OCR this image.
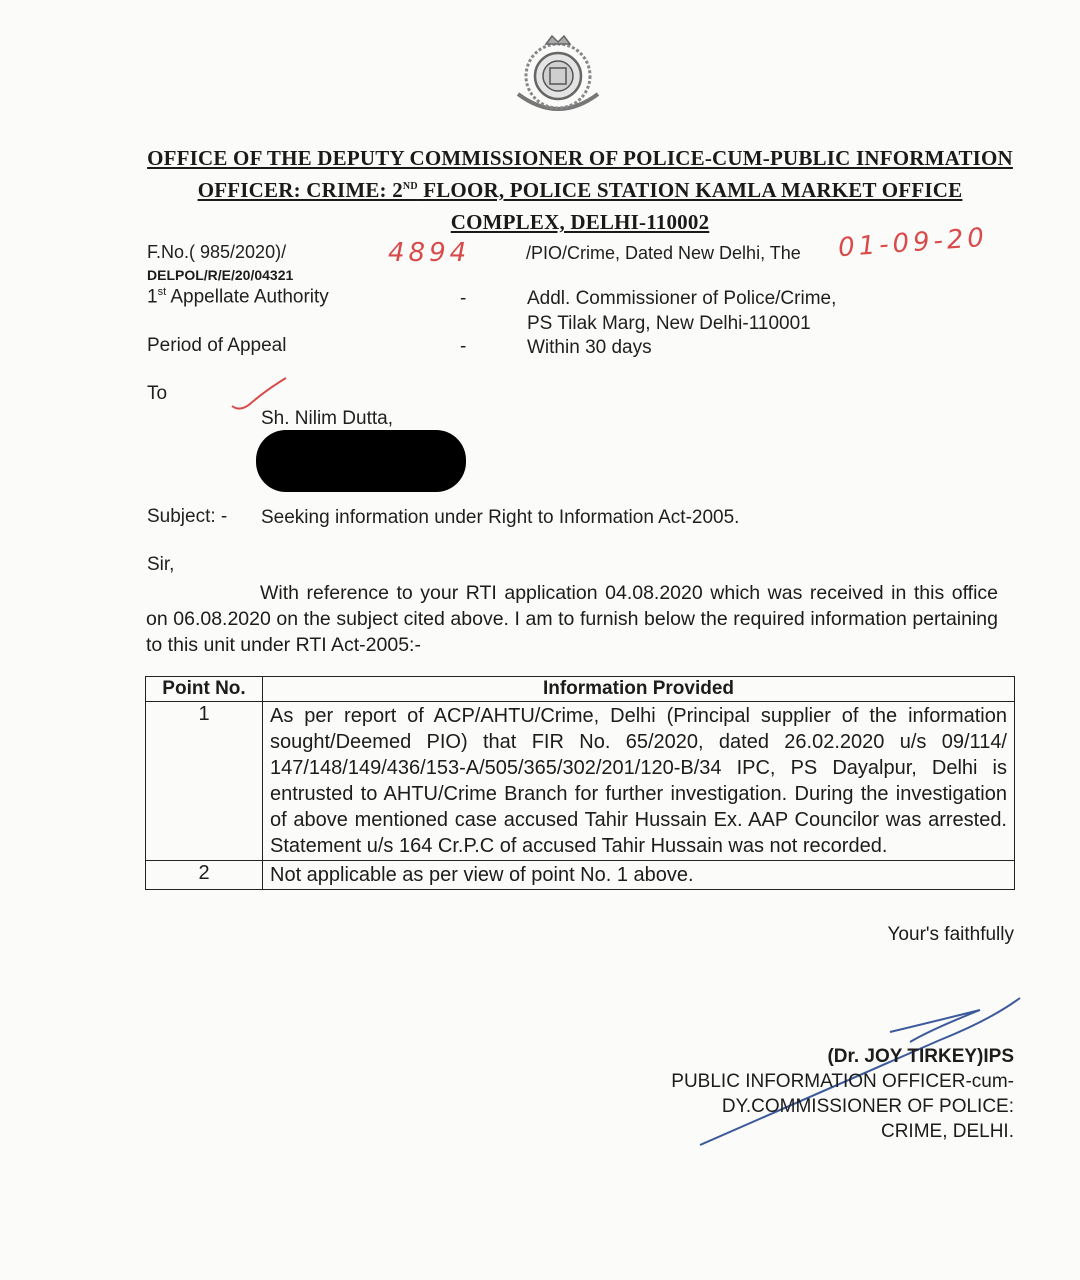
OFFICE OF THE DEPUTY COMMISSIONER OF POLICE-CUM-PUBLIC INFORMATION
OFFICER: CRIME: 2ND FLOOR, POLICE STATION KAMLA MARKET OFFICE
COMPLEX, DELHI-110002
F.No.( 985/2020)/	4894	/PIO/Crime, Dated New Delhi, The 01-09-20
DELPOL/R/E/20/04321
1st Appellate Authority	-	Addl. Commissioner of Police/Crime,
PS Tilak Marg, New Delhi-110001
Period of Appeal	-	Within 30 days
To
Sh. Nilim Dutta,
Subject: - Seeking information under Right to Information Act-2005.
Sir,
With reference to your RTI application 04.08.2020 which was received in this office on 06.08.2020 on the subject cited above. I am to furnish below the required information pertaining to this unit under RTI Act-2005:-
Point No.	Information Provided
1	As per report of ACP/AHTU/Crime, Delhi (Principal supplier of the information sought/Deemed PIO) that FIR No. 65/2020, dated 26.02.2020 u/s 09/114/ 147/148/149/436/153-A/505/365/302/201/120-B/34 IPC, PS Dayalpur, Delhi is entrusted to AHTU/Crime Branch for further investigation. During the investigation of above mentioned case accused Tahir Hussain Ex. AAP Councilor was arrested. Statement u/s 164 Cr.P.C of accused Tahir Hussain was not recorded.
2	Not applicable as per view of point No. 1 above.
Your's faithfully
(Dr. JOY TIRKEY)IPS
PUBLIC INFORMATION OFFICER-cum-
DY.COMMISSIONER OF POLICE:
CRIME, DELHI.
